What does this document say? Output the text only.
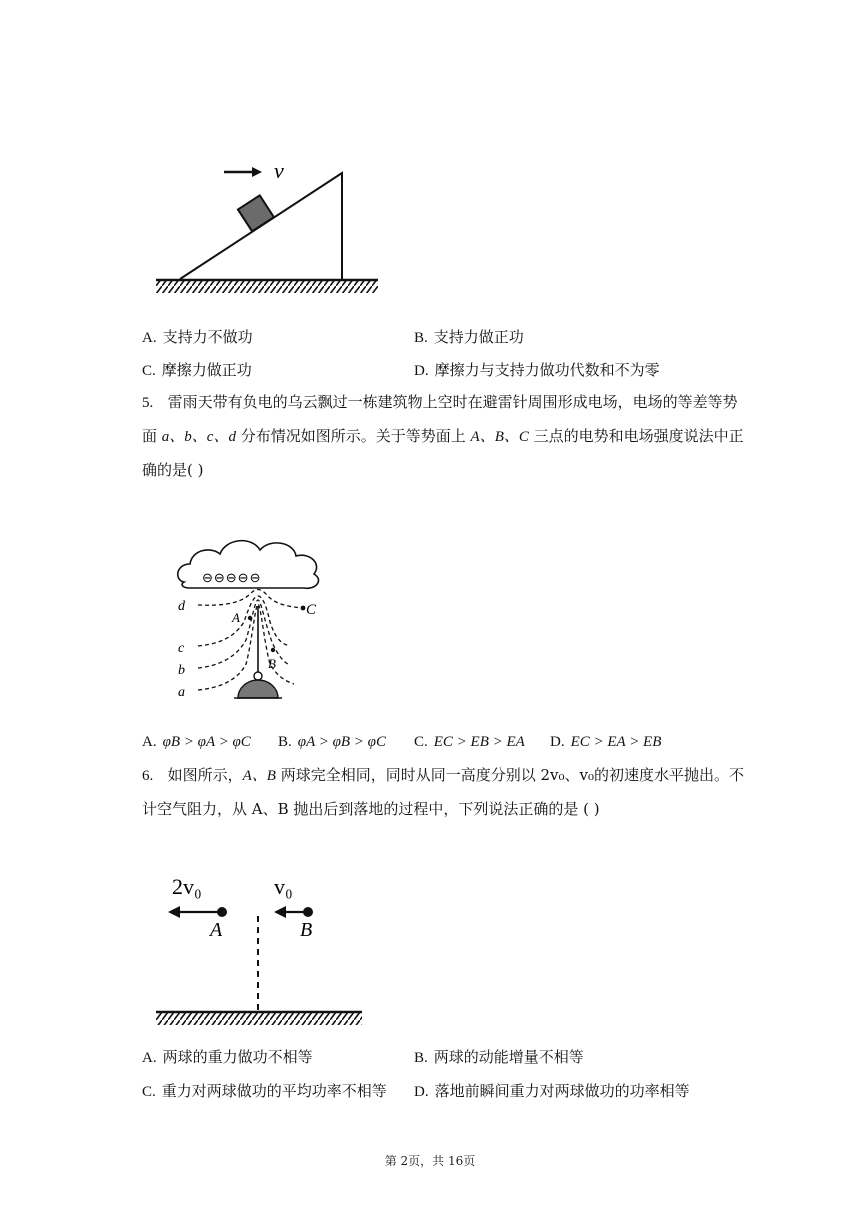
v
A. 支持力不做功	B. 支持力做正功
C. 摩擦力做正功	D. 摩擦力与支持力做功代数和不为零
5. 雷雨天带有负电的乌云飘过一栋建筑物上空时在避雷针周围形成电场，电场的等差等势
面 a、b、c、d 分布情况如图所示。关于等势面上 A、B、C 三点的电势和电场强度说法中正
确的是( )
⊖⊖⊖⊖⊖
d
c
b
a
A
B
C
A. φB > φA > φC B. φA > φB > φC C. EC > EB > EA D. EC > EA > EB
6. 如图所示，A、B 两球完全相同，同时从同一高度分别以 2v₀、v₀的初速度水平抛出。不
计空气阻力，从 A、B 抛出后到落地的过程中，下列说法正确的是 ( )
2v₀	v₀
A	B
A. 两球的重力做功不相等	B. 两球的动能增量不相等
C. 重力对两球做功的平均功率不相等 D. 落地前瞬间重力对两球做功的功率相等
第 2页，共 16页
